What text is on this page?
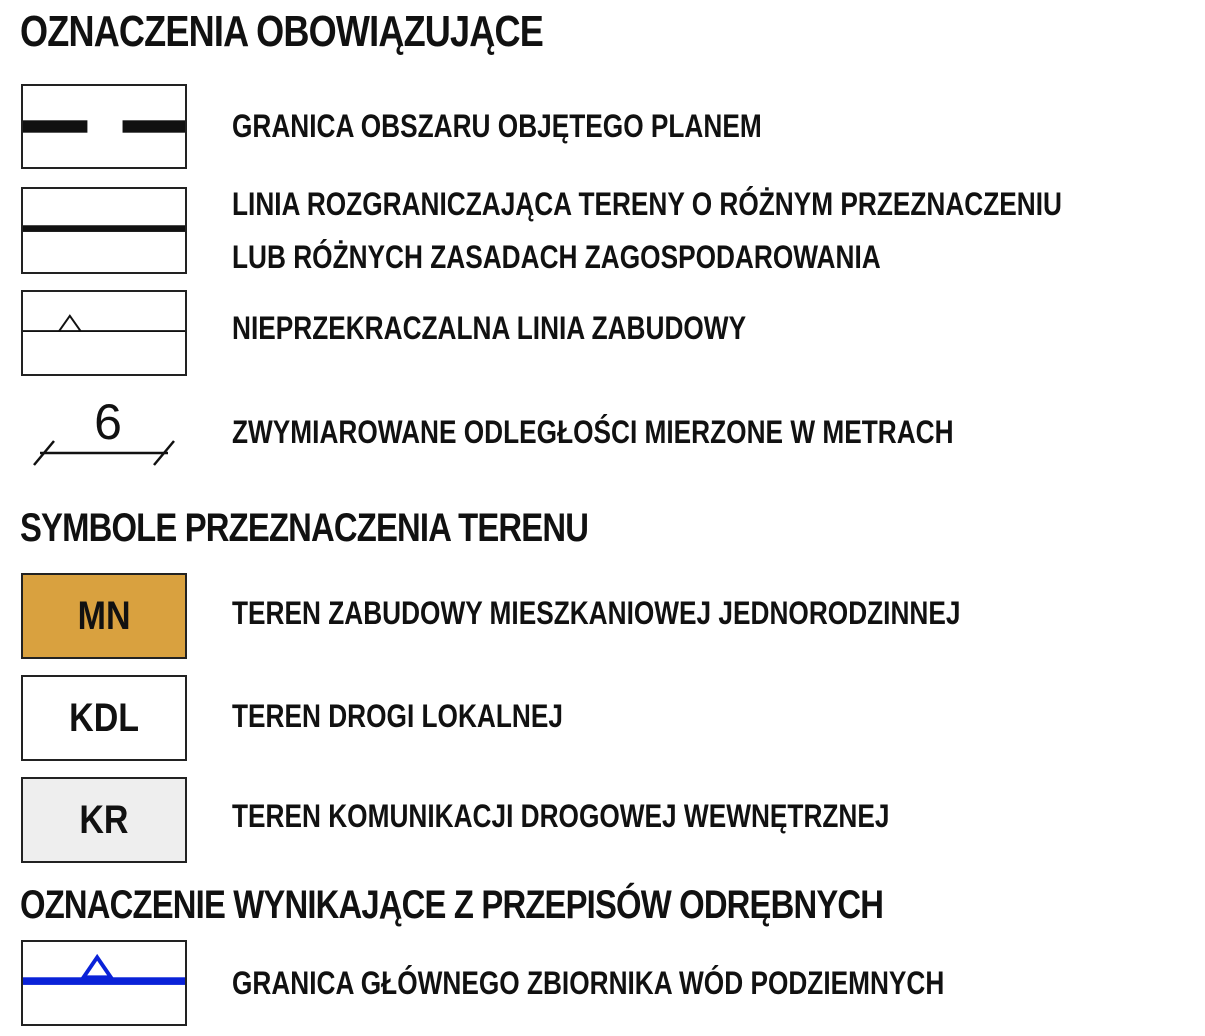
OZNACZENIA OBOWIĄZUJĄCE
GRANICA OBSZARU OBJĘTEGO PLANEM
LINIA ROZGRANICZAJĄCA TERENY O RÓŻNYM PRZEZNACZENIU
LUB RÓŻNYCH ZASADACH ZAGOSPODAROWANIA
NIEPRZEKRACZALNA LINIA ZABUDOWY
6	ZWYMIAROWANE ODLEGŁOŚCI MIERZONE W METRACH
SYMBOLE PRZEZNACZENIA TERENU
MN	TEREN ZABUDOWY MIESZKANIOWEJ JEDNORODZINNEJ
KDL	TEREN DROGI LOKALNEJ
KR	TEREN KOMUNIKACJI DROGOWEJ WEWNĘTRZNEJ
OZNACZENIE WYNIKAJĄCE Z PRZEPISÓW ODRĘBNYCH
GRANICA GŁÓWNEGO ZBIORNIKA WÓD PODZIEMNYCH
